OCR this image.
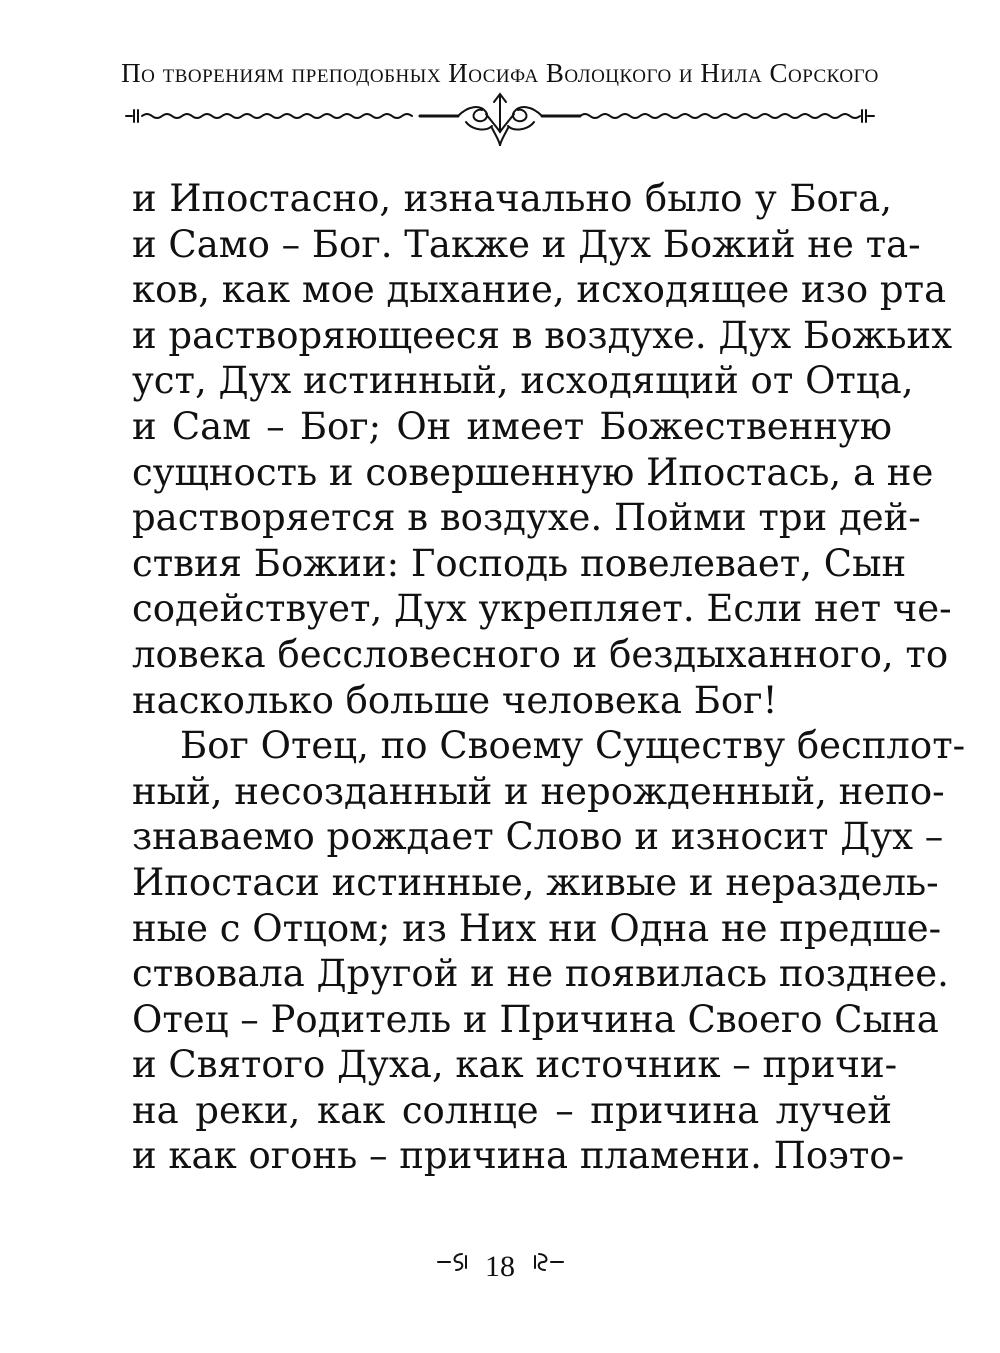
По творениям преподобных Иосифа Волоцкого и Нила Сорского
и Ипостасно, изначально было у Бога,
и Само – Бог. Также и Дух Божий не та-
ков, как мое дыхание, исходящее изо рта
и растворяющееся в воздухе. Дух Божьих
уст, Дух истинный, исходящий от Отца,
и Сам – Бог; Он имеет Божественную
сущность и совершенную Ипостась, а не
растворяется в воздухе. Пойми три дей-
ствия Божии: Господь повелевает, Сын
содействует, Дух укрепляет. Если нет че-
ловека бессловесного и бездыханного, то
насколько больше человека Бог!
Бог Отец, по Своему Существу бесплот-
ный, несозданный и нерожденный, непо-
знаваемо рождает Слово и износит Дух –
Ипостаси истинные, живые и нераздель-
ные с Отцом; из Них ни Одна не предше-
ствовала Другой и не появилась позднее.
Отец – Родитель и Причина Своего Сына
и Святого Духа, как источник – причи-
на реки, как солнце – причина лучей
и как огонь – причина пламени. Поэто-
18
